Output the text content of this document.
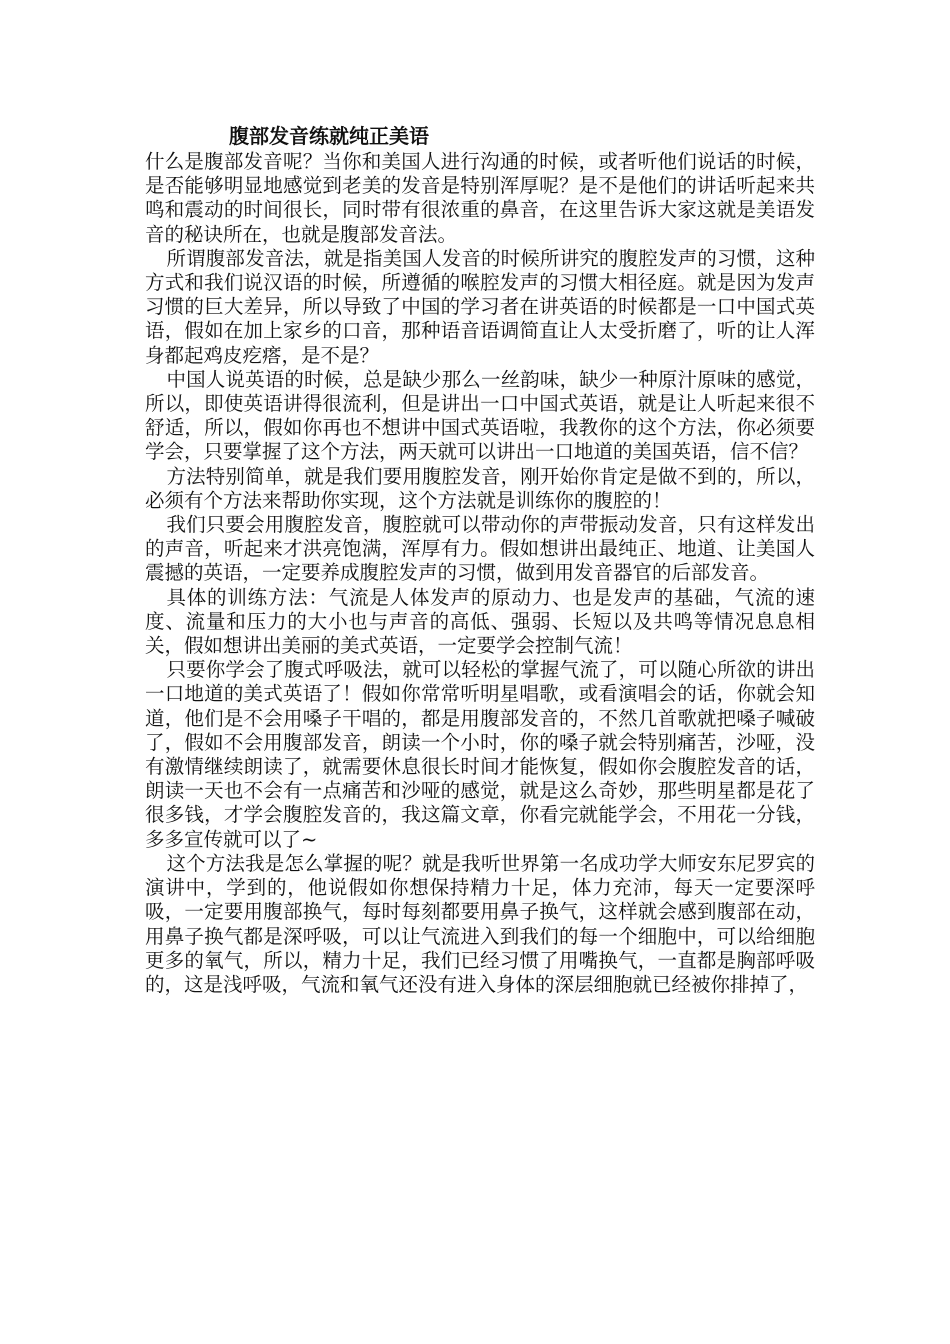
腹部发音练就纯正美语

什么是腹部发音呢？当你和美国人进行沟通的时候，或者听他们说话的时候，是否能够明显地感觉到老美的发音是特别浑厚呢？是不是他们的讲话听起来共鸣和震动的时间很长，同时带有很浓重的鼻音，在这里告诉大家这就是美语发音的秘诀所在，也就是腹部发音法。

所谓腹部发音法，就是指美国人发音的时候所讲究的腹腔发声的习惯，这种方式和我们说汉语的时候，所遵循的喉腔发声的习惯大相径庭。就是因为发声习惯的巨大差异，所以导致了中国的学习者在讲英语的时候都是一口中国式英语，假如在加上家乡的口音，那种语音语调简直让人太受折磨了，听的让人浑身都起鸡皮疙瘩，是不是？

中国人说英语的时候，总是缺少那么一丝韵味，缺少一种原汁原味的感觉，所以，即使英语讲得很流利，但是讲出一口中国式英语，就是让人听起来很不舒适，所以，假如你再也不想讲中国式英语啦，我教你的这个方法，你必须要学会，只要掌握了这个方法，两天就可以讲出一口地道的美国英语，信不信？

方法特别简单，就是我们要用腹腔发音，刚开始你肯定是做不到的，所以，必须有个方法来帮助你实现，这个方法就是训练你的腹腔的！

我们只要会用腹腔发音，腹腔就可以带动你的声带振动发音，只有这样发出的声音，听起来才洪亮饱满，浑厚有力。假如想讲出最纯正、地道、让美国人震撼的英语，一定要养成腹腔发声的习惯，做到用发音器官的后部发音。

具体的训练方法：气流是人体发声的原动力、也是发声的基础，气流的速度、流量和压力的大小也与声音的高低、强弱、长短以及共鸣等情况息息相关，假如想讲出美丽的美式英语，一定要学会控制气流！

只要你学会了腹式呼吸法，就可以轻松的掌握气流了，可以随心所欲的讲出一口地道的美式英语了！假如你常常听明星唱歌，或看演唱会的话，你就会知道，他们是不会用嗓子干唱的，都是用腹部发音的，不然几首歌就把嗓子喊破了，假如不会用腹部发音，朗读一个小时，你的嗓子就会特别痛苦，沙哑，没有激情继续朗读了，就需要休息很长时间才能恢复，假如你会腹腔发音的话，朗读一天也不会有一点痛苦和沙哑的感觉，就是这么奇妙，那些明星都是花了很多钱，才学会腹腔发音的，我这篇文章，你看完就能学会，不用花一分钱，多多宣传就可以了~

这个方法我是怎么掌握的呢？就是我听世界第一名成功学大师安东尼罗宾的演讲中，学到的，他说假如你想保持精力十足，体力充沛，每天一定要深呼吸，一定要用腹部换气，每时每刻都要用鼻子换气，这样就会感到腹部在动，用鼻子换气都是深呼吸，可以让气流进入到我们的每一个细胞中，可以给细胞更多的氧气，所以，精力十足，我们已经习惯了用嘴换气，一直都是胸部呼吸的，这是浅呼吸，气流和氧气还没有进入身体的深层细胞就已经被你排掉了，
